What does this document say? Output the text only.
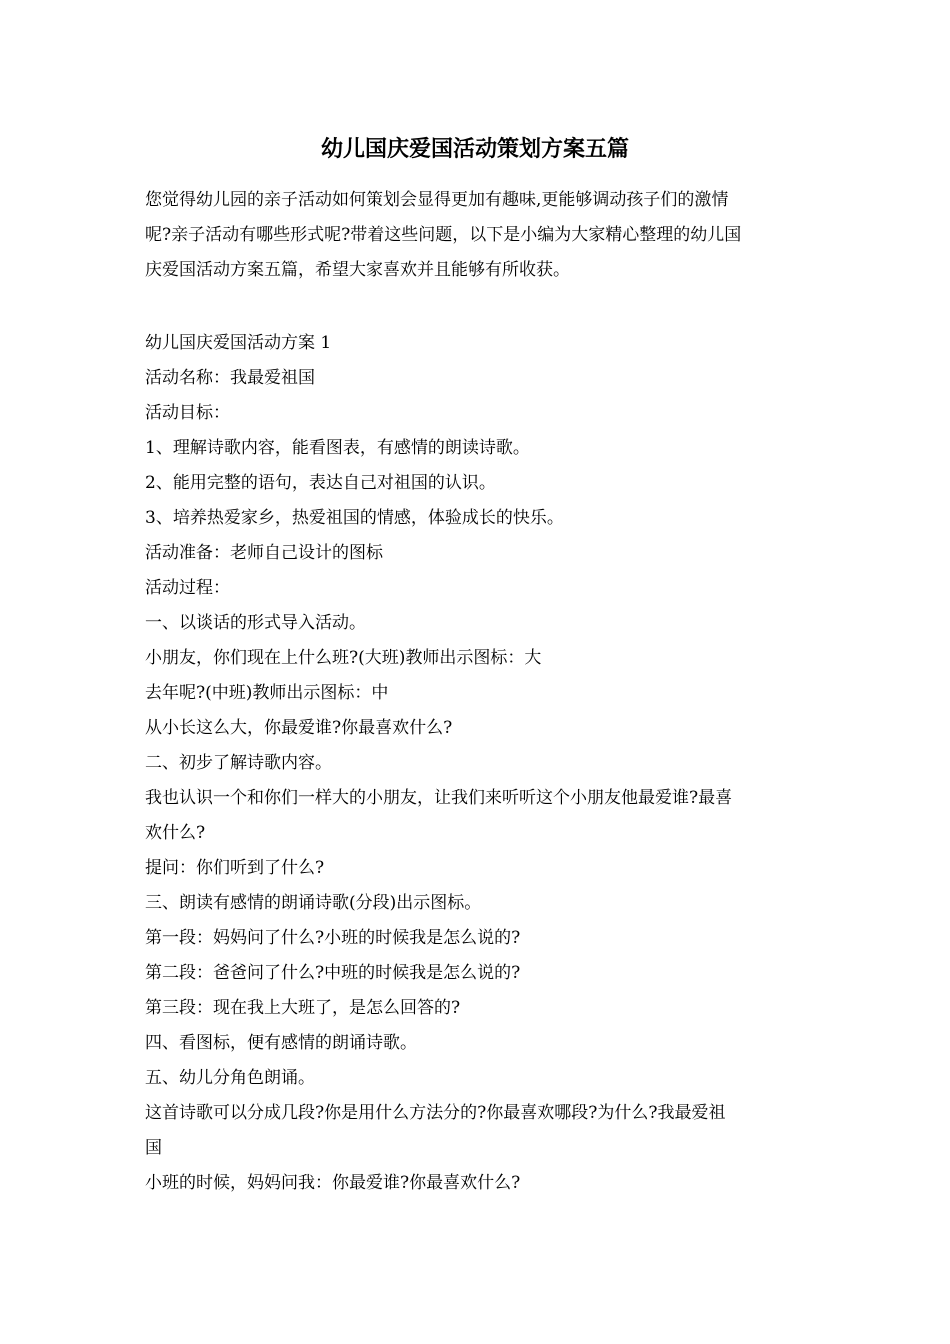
幼儿国庆爱国活动策划方案五篇
您觉得幼儿园的亲子活动如何策划会显得更加有趣味,更能够调动孩子们的激情
呢?亲子活动有哪些形式呢?带着这些问题，以下是小编为大家精心整理的幼儿国
庆爱国活动方案五篇，希望大家喜欢并且能够有所收获。
幼儿国庆爱国活动方案 1
活动名称：我最爱祖国
活动目标：
1、理解诗歌内容，能看图表，有感情的朗读诗歌。
2、能用完整的语句，表达自己对祖国的认识。
3、培养热爱家乡，热爱祖国的情感，体验成长的快乐。
活动准备：老师自己设计的图标
活动过程：
一、以谈话的形式导入活动。
小朋友，你们现在上什么班?(大班)教师出示图标：大
去年呢?(中班)教师出示图标：中
从小长这么大，你最爱谁?你最喜欢什么?
二、初步了解诗歌内容。
我也认识一个和你们一样大的小朋友，让我们来听听这个小朋友他最爱谁?最喜
欢什么?
提问：你们听到了什么?
三、朗读有感情的朗诵诗歌(分段)出示图标。
第一段：妈妈问了什么?小班的时候我是怎么说的?
第二段：爸爸问了什么?中班的时候我是怎么说的?
第三段：现在我上大班了，是怎么回答的?
四、看图标，便有感情的朗诵诗歌。
五、幼儿分角色朗诵。
这首诗歌可以分成几段?你是用什么方法分的?你最喜欢哪段?为什么?我最爱祖
国
小班的时候，妈妈问我：你最爱谁?你最喜欢什么?
